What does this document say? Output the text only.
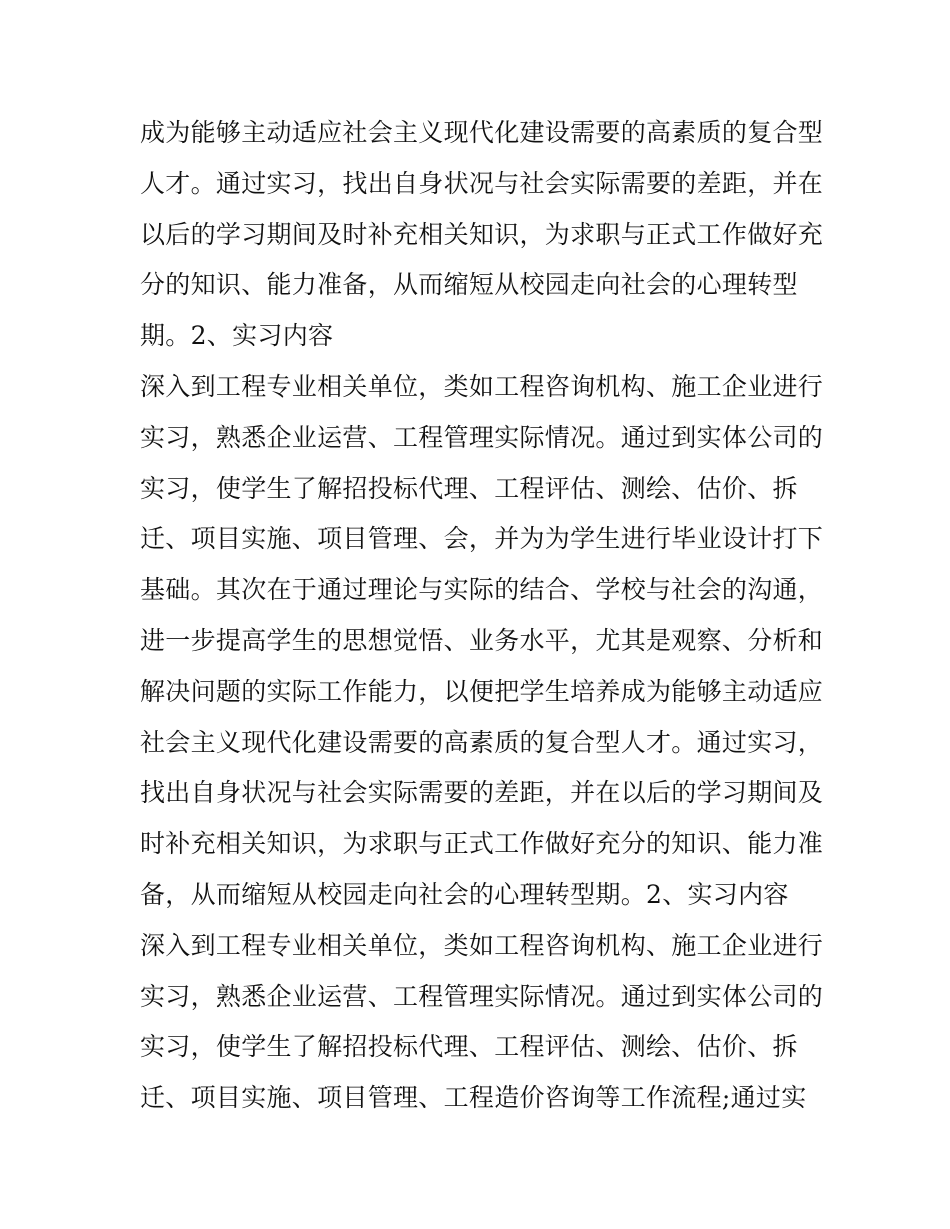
成为能够主动适应社会主义现代化建设需要的高素质的复合型
人才。通过实习，找出自身状况与社会实际需要的差距，并在
以后的学习期间及时补充相关知识，为求职与正式工作做好充
分的知识、能力准备，从而缩短从校园走向社会的心理转型
期。2、实习内容
深入到工程专业相关单位，类如工程咨询机构、施工企业进行
实习，熟悉企业运营、工程管理实际情况。通过到实体公司的
实习，使学生了解招投标代理、工程评估、测绘、估价、拆
迁、项目实施、项目管理、会，并为为学生进行毕业设计打下
基础。其次在于通过理论与实际的结合、学校与社会的沟通，
进一步提高学生的思想觉悟、业务水平，尤其是观察、分析和
解决问题的实际工作能力，以便把学生培养成为能够主动适应
社会主义现代化建设需要的高素质的复合型人才。通过实习，
找出自身状况与社会实际需要的差距，并在以后的学习期间及
时补充相关知识，为求职与正式工作做好充分的知识、能力准
备，从而缩短从校园走向社会的心理转型期。2、实习内容
深入到工程专业相关单位，类如工程咨询机构、施工企业进行
实习，熟悉企业运营、工程管理实际情况。通过到实体公司的
实习，使学生了解招投标代理、工程评估、测绘、估价、拆
迁、项目实施、项目管理、工程造价咨询等工作流程;通过实
